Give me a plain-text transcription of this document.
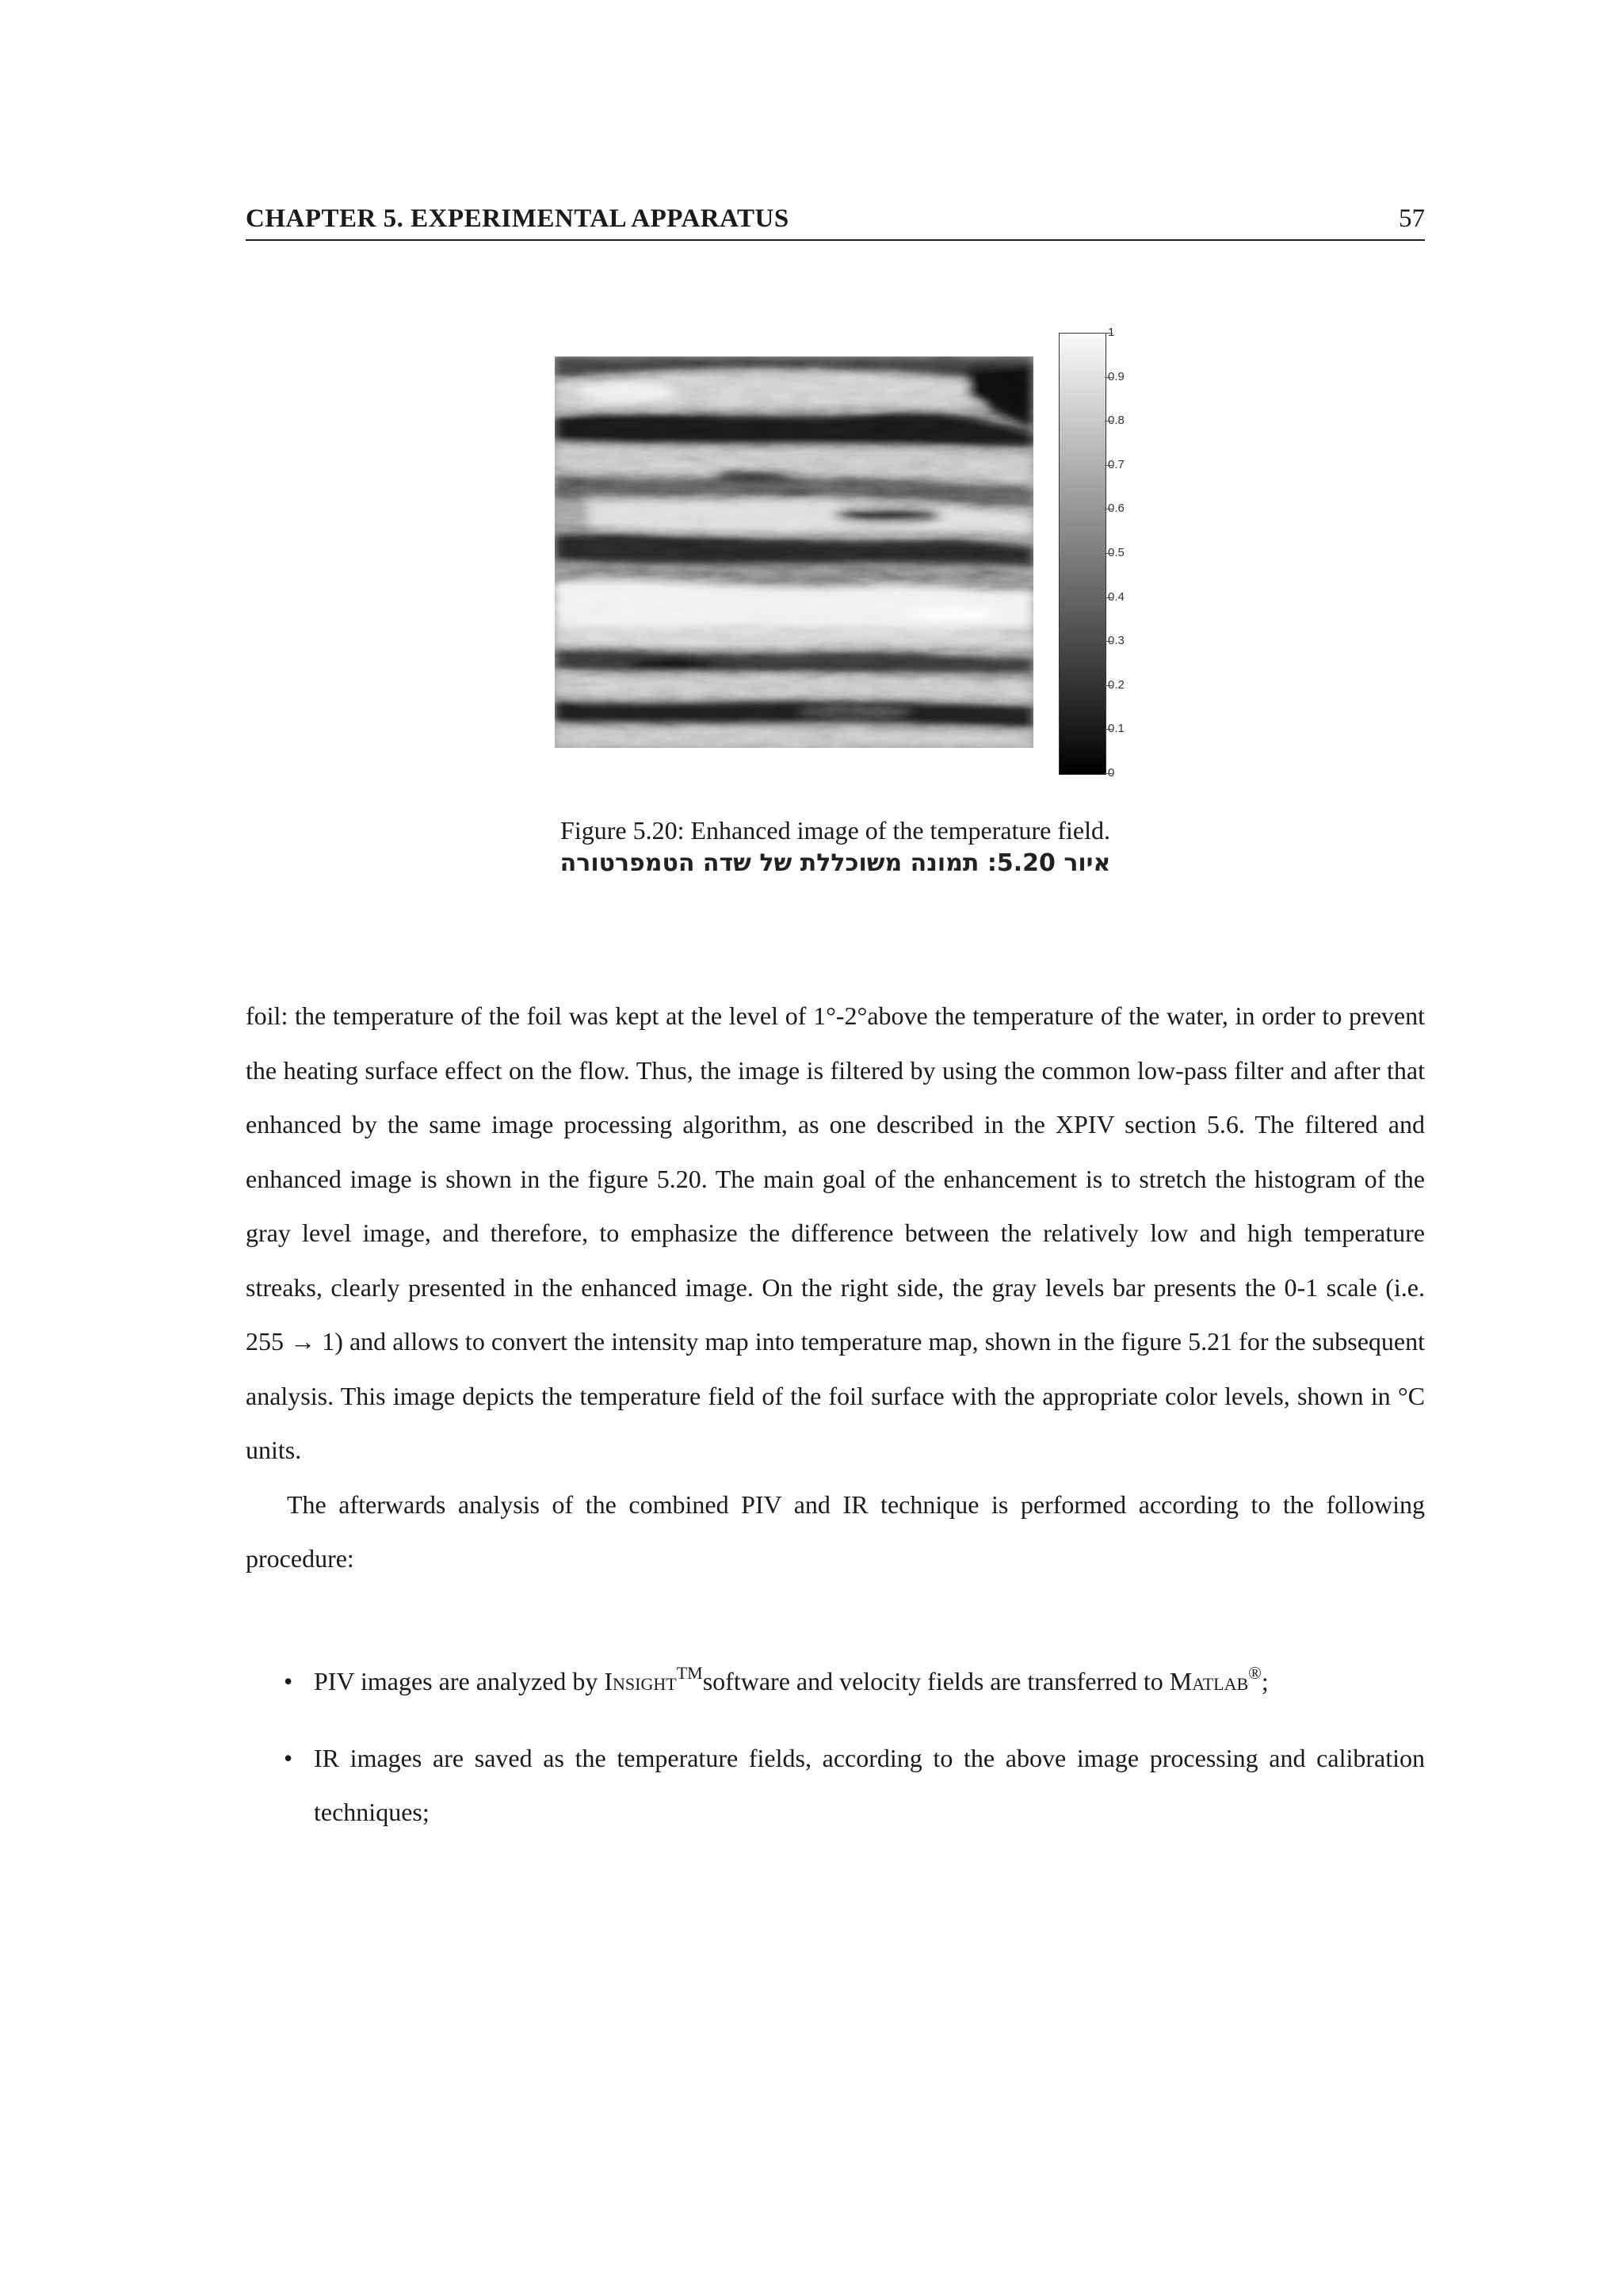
CHAPTER 5. EXPERIMENTAL APPARATUS	57
1
0.9
0.8
0.7
0.6
0.5
0.4
0.3
0.2
0.1
0
Figure 5.20: Enhanced image of the temperature field.
איור 5.20: תמונה משוכללת של שדה הטמפרטורה

foil: the temperature of the foil was kept at the level of 1°-2°above the temperature of the water, in order to prevent the heating surface effect on the flow. Thus, the image is filtered by using the common low-pass filter and after that enhanced by the same image processing algorithm, as one described in the XPIV section 5.6. The filtered and enhanced image is shown in the figure 5.20. The main goal of the enhancement is to stretch the histogram of the gray level image, and therefore, to emphasize the difference between the relatively low and high temperature streaks, clearly presented in the enhanced image. On the right side, the gray levels bar presents the 0-1 scale (i.e. 255 → 1) and allows to convert the intensity map into temperature map, shown in the figure 5.21 for the subsequent analysis. This image depicts the temperature field of the foil surface with the appropriate color levels, shown in °C units.

The afterwards analysis of the combined PIV and IR technique is performed according to the following procedure:

• PIV images are analyzed by Insight™software and velocity fields are transferred to Matlab®;
• IR images are saved as the temperature fields, according to the above image processing and calibration techniques;
